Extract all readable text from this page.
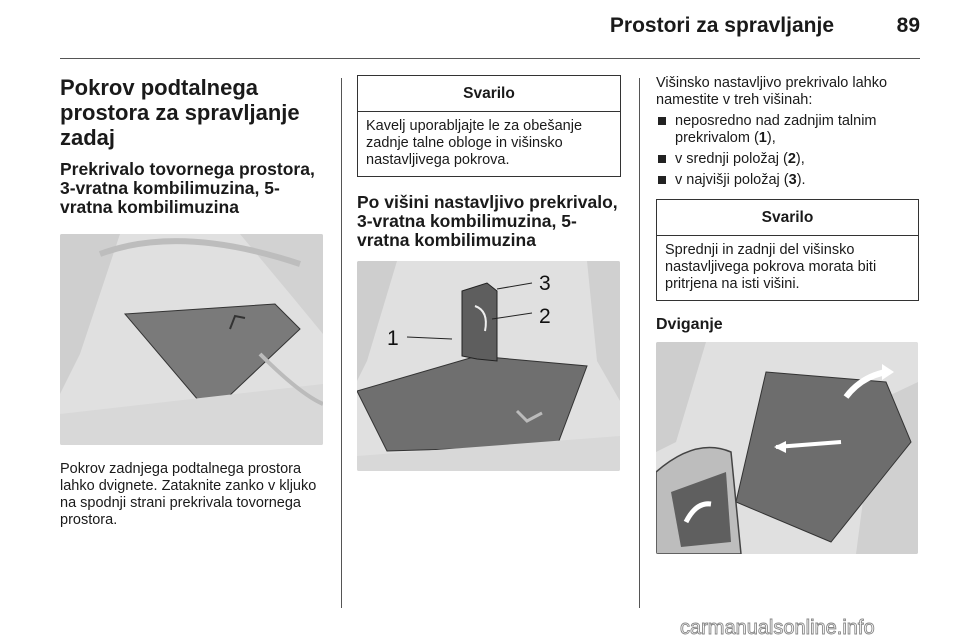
Prostori za spravljanje	89
Pokrov podtalnega prostora za spravljanje zadaj
Prekrivalo tovornega prostora, 3-vratna kombilimuzina, 5-vratna kombilimuzina

Pokrov zadnjega podtalnega prostora lahko dvignete. Zataknite zanko v kljuko na spodnji strani prekrivala tovornega prostora.

Svarilo
Kavelj uporabljajte le za obešanje zadnje talne obloge in višinsko nastavljivega pokrova.
Po višini nastavljivo prekrivalo, 3-vratna kombilimuzina, 5-vratna kombilimuzina
1
2
3

Višinsko nastavljivo prekrivalo lahko namestite v treh višinah:

neposredno nad zadnjim talnim prekrivalom (1),
v srednji položaj (2),
v najvišji položaj (3).
Svarilo
Sprednji in zadnji del višinsko nastavljivega pokrova morata biti pritrjena na isti višini.
Dviganje
carmanualsonline.info
